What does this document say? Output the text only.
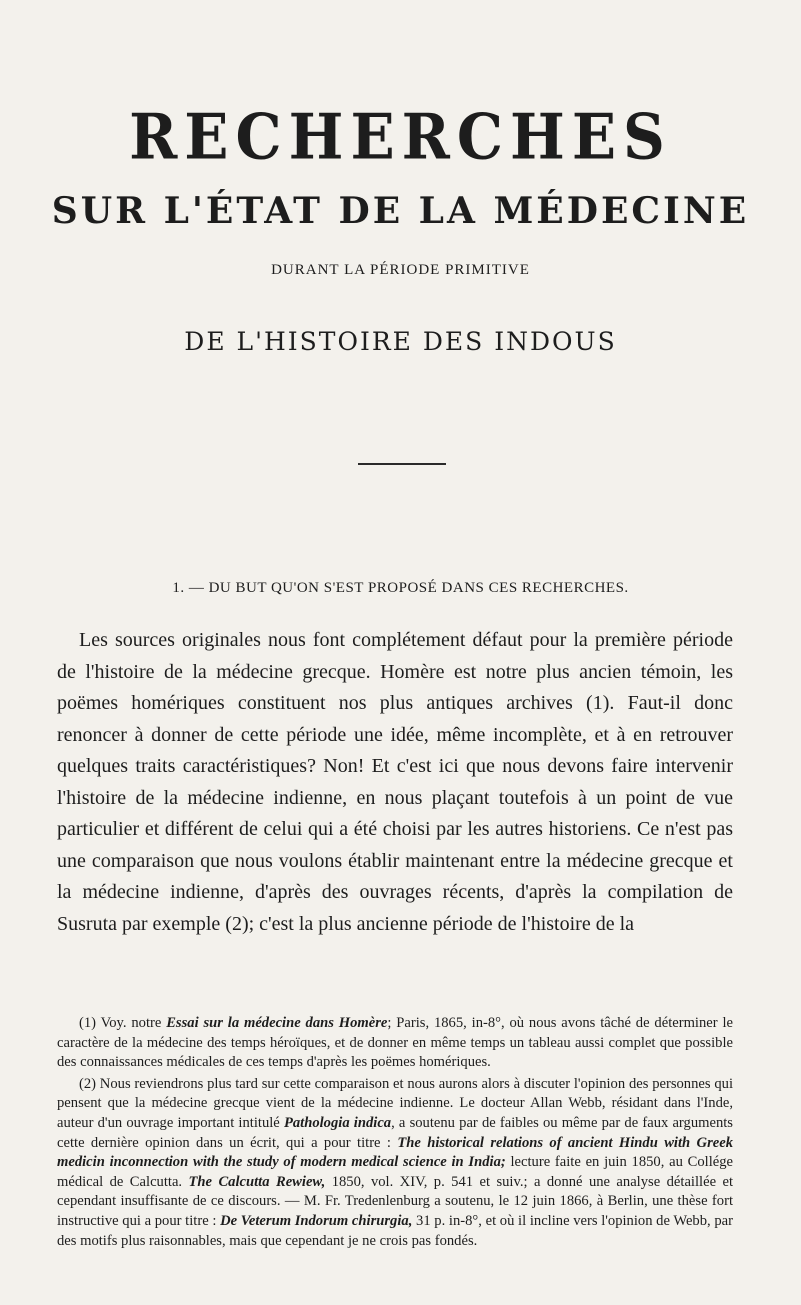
RECHERCHES
SUR L'ÉTAT DE LA MÉDECINE
DURANT LA PÉRIODE PRIMITIVE
DE L'HISTOIRE DES INDOUS
1. — DU BUT QU'ON S'EST PROPOSÉ DANS CES RECHERCHES.

Les sources originales nous font complétement défaut pour la première période de l'histoire de la médecine grecque. Homère est notre plus ancien témoin, les poëmes homériques constituent nos plus antiques archives (1). Faut-il donc renoncer à donner de cette période une idée, même incomplète, et à en retrouver quelques traits caractéristiques? Non! Et c'est ici que nous devons faire intervenir l'histoire de la médecine indienne, en nous plaçant toutefois à un point de vue particulier et différent de celui qui a été choisi par les autres historiens. Ce n'est pas une comparaison que nous voulons établir maintenant entre la médecine grecque et la médecine indienne, d'après des ouvrages récents, d'après la compilation de Susruta par exemple (2); c'est la plus ancienne période de l'histoire de la

(1) Voy. notre Essai sur la médecine dans Homère; Paris, 1865, in-8°, où nous avons tâché de déterminer le caractère de la médecine des temps héroïques, et de donner en même temps un tableau aussi complet que possible des connaissances médicales de ces temps d'après les poëmes homériques.

(2) Nous reviendrons plus tard sur cette comparaison et nous aurons alors à discuter l'opinion des personnes qui pensent que la médecine grecque vient de la médecine indienne. Le docteur Allan Webb, résidant dans l'Inde, auteur d'un ouvrage important intitulé Pathologia indica, a soutenu par de faibles ou même par de faux arguments cette dernière opinion dans un écrit, qui a pour titre : The historical relations of ancient Hindu with Greek medicin inconnection with the study of modern medical science in India; lecture faite en juin 1850, au Collége médical de Calcutta. The Calcutta Rewiew, 1850, vol. XIV, p. 541 et suiv.; a donné une analyse détaillée et cependant insuffisante de ce discours. — M. Fr. Tredenlenburg a soutenu, le 12 juin 1866, à Berlin, une thèse fort instructive qui a pour titre : De Veterum Indorum chirurgia, 31 p. in-8°, et où il incline vers l'opinion de Webb, par des motifs plus raisonnables, mais que cependant je ne crois pas fondés.
